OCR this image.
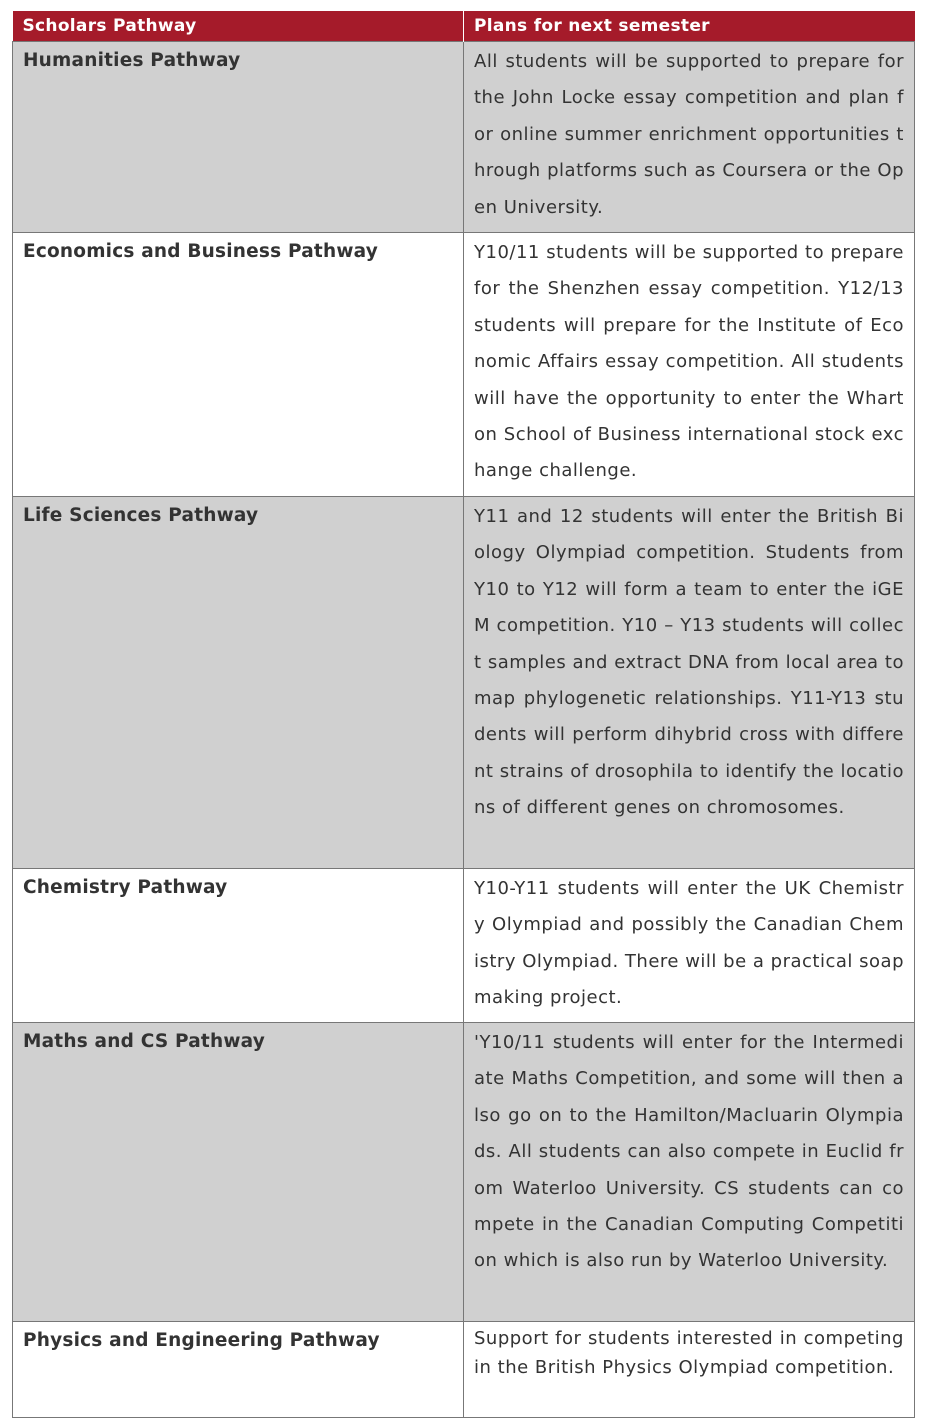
Scholars Pathway	Plans for next semester
Humanities Pathway	All students will be supported to prepare for the John Locke essay competition and plan for online summer enrichment opportunities through platforms such as Coursera or the Open University.
Economics and Business Pathway	Y10/11 students will be supported to prepare for the Shenzhen essay competition. Y12/13 students will prepare for the Institute of Economic Affairs essay competition. All students will have the opportunity to enter the Wharton School of Business international stock exchange challenge.
Life Sciences Pathway	Y11 and 12 students will enter the British Biology Olympiad competition. Students from Y10 to Y12 will form a team to enter the iGEM competition. Y10 – Y13 students will collect samples and extract DNA from local area to map phylogenetic relationships. Y11-Y13 students will perform dihybrid cross with different strains of drosophila to identify the locations of different genes on chromosomes.
Chemistry Pathway	Y10-Y11 students will enter the UK Chemistry Olympiad and possibly the Canadian Chemistry Olympiad. There will be a practical soap making project.
Maths and CS Pathway	'Y10/11 students will enter for the Intermediate Maths Competition, and some will then also go on to the Hamilton/Macluarin Olympiads. All students can also compete in Euclid from Waterloo University. CS students can compete in the Canadian Computing Competition which is also run by Waterloo University.
Physics and Engineering Pathway	Support for students interested in competing in the British Physics Olympiad competition.
